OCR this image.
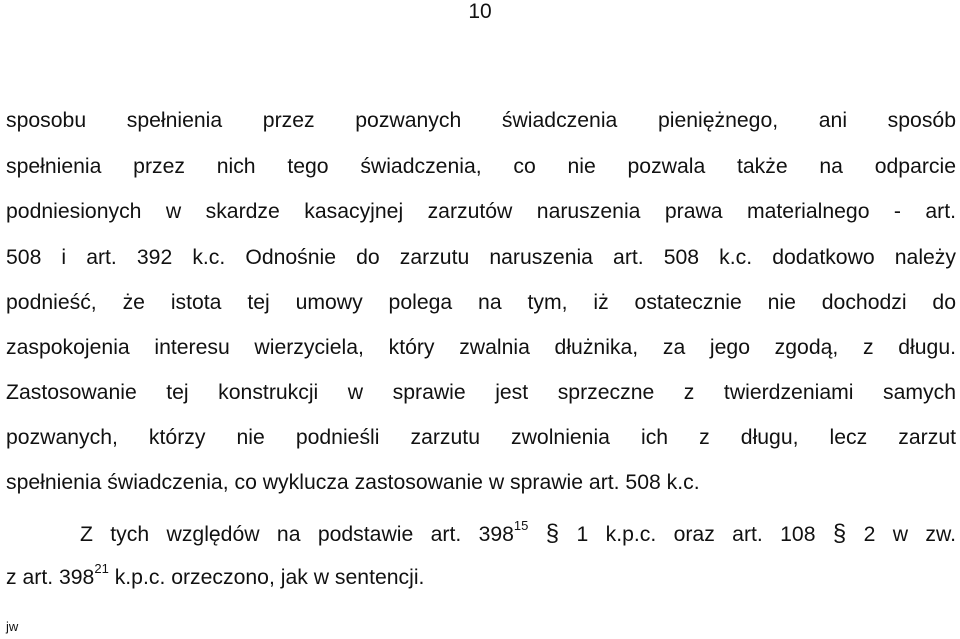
10
sposobu spełnienia przez pozwanych świadczenia pieniężnego, ani sposób
spełnienia przez nich tego świadczenia, co nie pozwala także na odparcie
podniesionych w skardze kasacyjnej zarzutów naruszenia prawa materialnego - art.
508 i art. 392 k.c. Odnośnie do zarzutu naruszenia art. 508 k.c. dodatkowo należy
podnieść, że istota tej umowy polega na tym, iż ostatecznie nie dochodzi do
zaspokojenia interesu wierzyciela, który zwalnia dłużnika, za jego zgodą, z długu.
Zastosowanie tej konstrukcji w sprawie jest sprzeczne z twierdzeniami samych
pozwanych, którzy nie podnieśli zarzutu zwolnienia ich z długu, lecz zarzut
spełnienia świadczenia, co wyklucza zastosowanie w sprawie art. 508 k.c.
Z tych względów na podstawie art. $398^{15}$ § 1 k.p.c. oraz art. 108 § 2 w zw.
z art. $398^{21}$ k.p.c. orzeczono, jak w sentencji.
jw
